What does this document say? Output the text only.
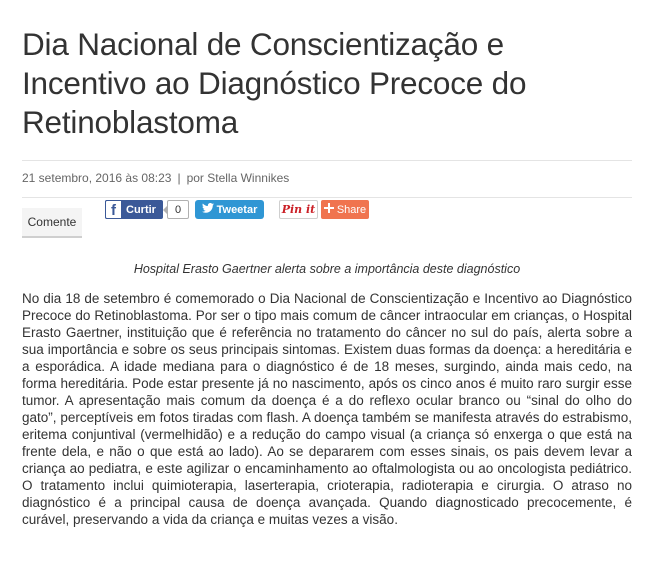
Dia Nacional de Conscientização e Incentivo ao Diagnóstico Precoce do Retinoblastoma
21 setembro, 2016 às 08:23 | por Stella Winnikes
Comente
f Curtir	0	Tweetar Pin it Share
Hospital Erasto Gaertner alerta sobre a importância deste diagnóstico

No dia 18 de setembro é comemorado o Dia Nacional de Conscientização e Incentivo ao Diagnóstico Precoce do Retinoblastoma. Por ser o tipo mais comum de câncer intraocular em crianças, o Hospital Erasto Gaertner, instituição que é referência no tratamento do câncer no sul do país, alerta sobre a sua importância e sobre os seus principais sintomas. Existem duas formas da doença: a hereditária e a esporádica. A idade mediana para o diagnóstico é de 18 meses, surgindo, ainda mais cedo, na forma hereditária. Pode estar presente já no nascimento, após os cinco anos é muito raro surgir esse tumor. A apresentação mais comum da doença é a do reflexo ocular branco ou “sinal do olho do gato”, perceptíveis em fotos tiradas com flash. A doença também se manifesta através do estrabismo, eritema conjuntival (vermelhidão) e a redução do campo visual (a criança só enxerga o que está na frente dela, e não o que está ao lado). Ao se depararem com esses sinais, os pais devem levar a criança ao pediatra, e este agilizar o encaminhamento ao oftalmologista ou ao oncologista pediátrico. O tratamento inclui quimioterapia, laserterapia, crioterapia, radioterapia e cirurgia. O atraso no diagnóstico é a principal causa de doença avançada. Quando diagnosticado precocemente, é curável, preservando a vida da criança e muitas vezes a visão.
